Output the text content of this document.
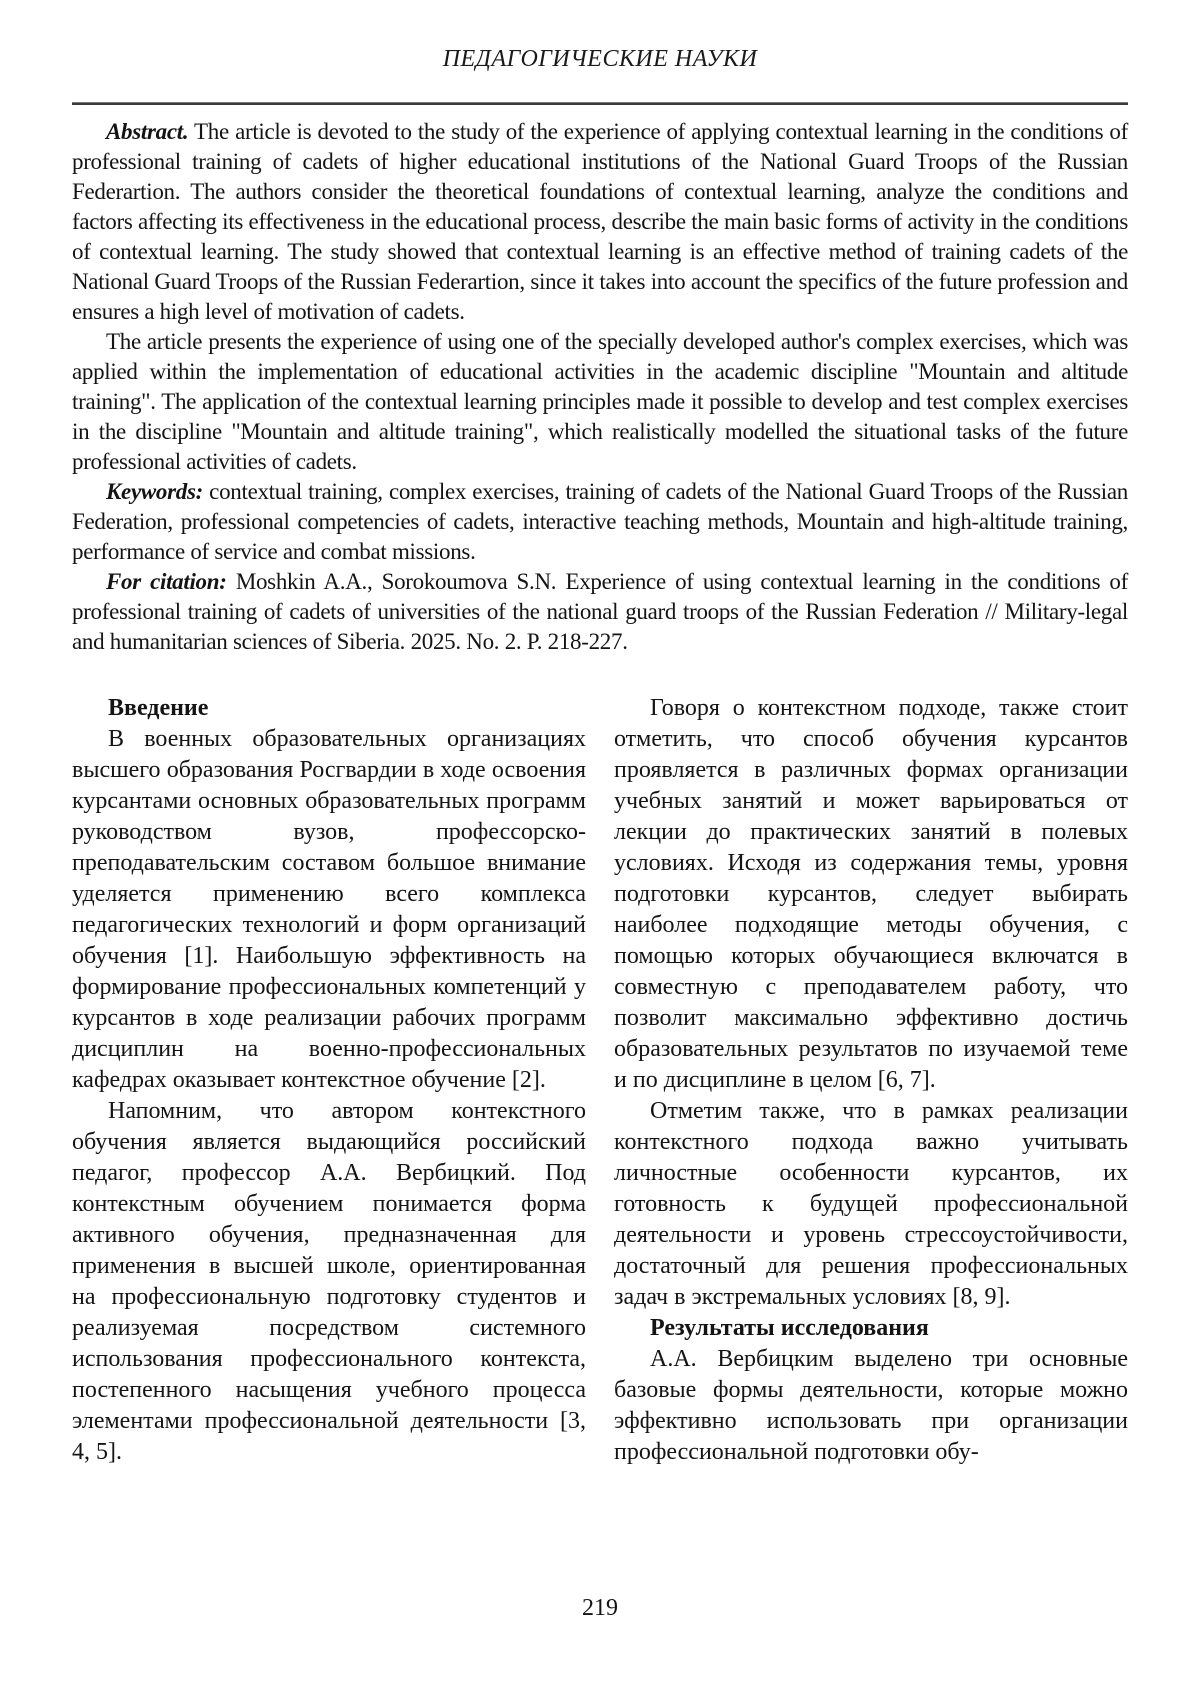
ПЕДАГОГИЧЕСКИЕ НАУКИ

Abstract. The article is devoted to the study of the experience of applying contextual learning in the conditions of professional training of cadets of higher educational institutions of the National Guard Troops of the Russian Federartion. The authors consider the theoretical foundations of contextual learning, analyze the conditions and factors affecting its effectiveness in the educational process, describe the main basic forms of activity in the conditions of contextual learning. The study showed that contextual learning is an effective method of training cadets of the National Guard Troops of the Russian Federartion, since it takes into account the specifics of the future profession and ensures a high level of motivation of cadets.

The article presents the experience of using one of the specially developed author's complex exercises, which was applied within the implementation of educational activities in the academic discipline "Mountain and altitude training". The application of the contextual learning principles made it possible to develop and test complex exercises in the discipline "Mountain and altitude training", which realistically modelled the situational tasks of the future professional activities of cadets.

Keywords: contextual training, complex exercises, training of cadets of the National Guard Troops of the Russian Federation, professional competencies of cadets, interactive teaching methods, Mountain and high-altitude training, performance of service and combat missions.

For citation: Moshkin A.A., Sorokoumova S.N. Experience of using contextual learning in the conditions of professional training of cadets of universities of the national guard troops of the Russian Federation // Military-legal and humanitarian sciences of Siberia. 2025. No. 2. P. 218-227.

Введение

В военных образовательных организациях высшего образования Росгвардии в ходе освоения курсантами основных образовательных программ руководством вузов, профессорско-преподавательским составом большое внимание уделяется применению всего комплекса педагогических технологий и форм организаций обучения [1]. Наибольшую эффективность на формирование профессиональных компетенций у курсантов в ходе реализации рабочих программ дисциплин на военно-профессиональных кафедрах оказывает контекстное обучение [2].

Напомним, что автором контекстного обучения является выдающийся российский педагог, профессор А.А. Вербицкий. Под контекстным обучением понимается форма активного обучения, предназначенная для применения в высшей школе, ориентированная на профессиональную подготовку студентов и реализуемая посредством системного использования профессионального контекста, постепенного насыщения учебного процесса элементами профессиональной деятельности [3, 4, 5].

Говоря о контекстном подходе, также стоит отметить, что способ обучения курсантов проявляется в различных формах организации учебных занятий и может варьироваться от лекции до практических занятий в полевых условиях. Исходя из содержания темы, уровня подготовки курсантов, следует выбирать наиболее подходящие методы обучения, с помощью которых обучающиеся включатся в совместную с преподавателем работу, что позволит максимально эффективно достичь образовательных результатов по изучаемой теме и по дисциплине в целом [6, 7].

Отметим также, что в рамках реализации контекстного подхода важно учитывать личностные особенности курсантов, их готовность к будущей профессиональной деятельности и уровень стрессоустойчивости, достаточный для решения профессиональных задач в экстремальных условиях [8, 9].

Результаты исследования

А.А. Вербицким выделено три основные базовые формы деятельности, которые можно эффективно использовать при организации профессиональной подготовки обу-

219
